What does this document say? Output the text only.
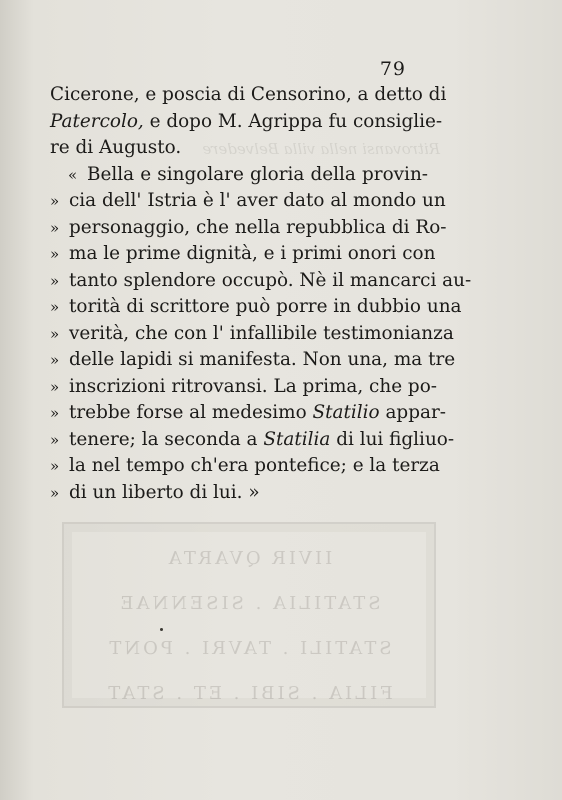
Ritrovansi nella villa Belvedere
IIVIR QVARTA
STATILIA . SISENNAE
STATILI . TAVRI . PONT
FILIA . SIBI . ET . STAT
79
Cicerone, e poscia di Censorino, a detto di
Patercolo, e dopo M. Agrippa fu consiglie-
re di Augusto.
« Bella e singolare gloria della provin-
» cia dell' Istria è l' aver dato al mondo un
» personaggio, che nella repubblica di Ro-
» ma le prime dignità, e i primi onori con
» tanto splendore occupò. Nè il mancarci au-
» torità di scrittore può porre in dubbio una
» verità, che con l' infallibile testimonianza
» delle lapidi si manifesta. Non una, ma tre
» inscrizioni ritrovansi. La prima, che po-
» trebbe forse al medesimo Statilio appar-
» tenere; la seconda a Statilia di lui figliuo-
» la nel tempo ch'era pontefice; e la terza
» di un liberto di lui. »
